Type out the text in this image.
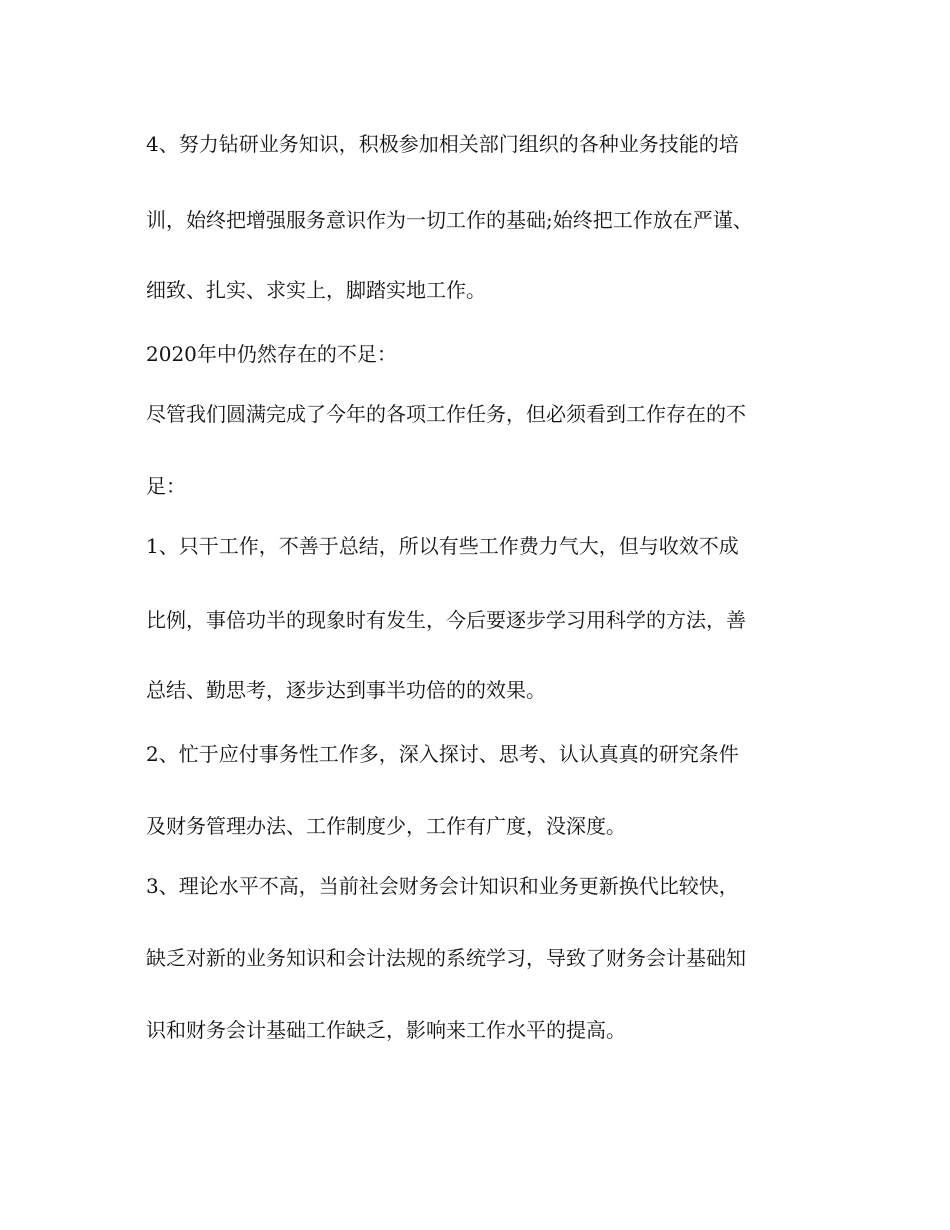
4、努力钻研业务知识，积极参加相关部门组织的各种业务技能的培
训，始终把增强服务意识作为一切工作的基础;始终把工作放在严谨、
细致、扎实、求实上，脚踏实地工作。
2020年中仍然存在的不足：
尽管我们圆满完成了今年的各项工作任务，但必须看到工作存在的不
足：
1、只干工作，不善于总结，所以有些工作费力气大，但与收效不成
比例，事倍功半的现象时有发生，今后要逐步学习用科学的方法，善
总结、勤思考，逐步达到事半功倍的的效果。
2、忙于应付事务性工作多，深入探讨、思考、认认真真的研究条件
及财务管理办法、工作制度少，工作有广度，没深度。
3、理论水平不高，当前社会财务会计知识和业务更新换代比较快，
缺乏对新的业务知识和会计法规的系统学习，导致了财务会计基础知
识和财务会计基础工作缺乏，影响来工作水平的提高。
